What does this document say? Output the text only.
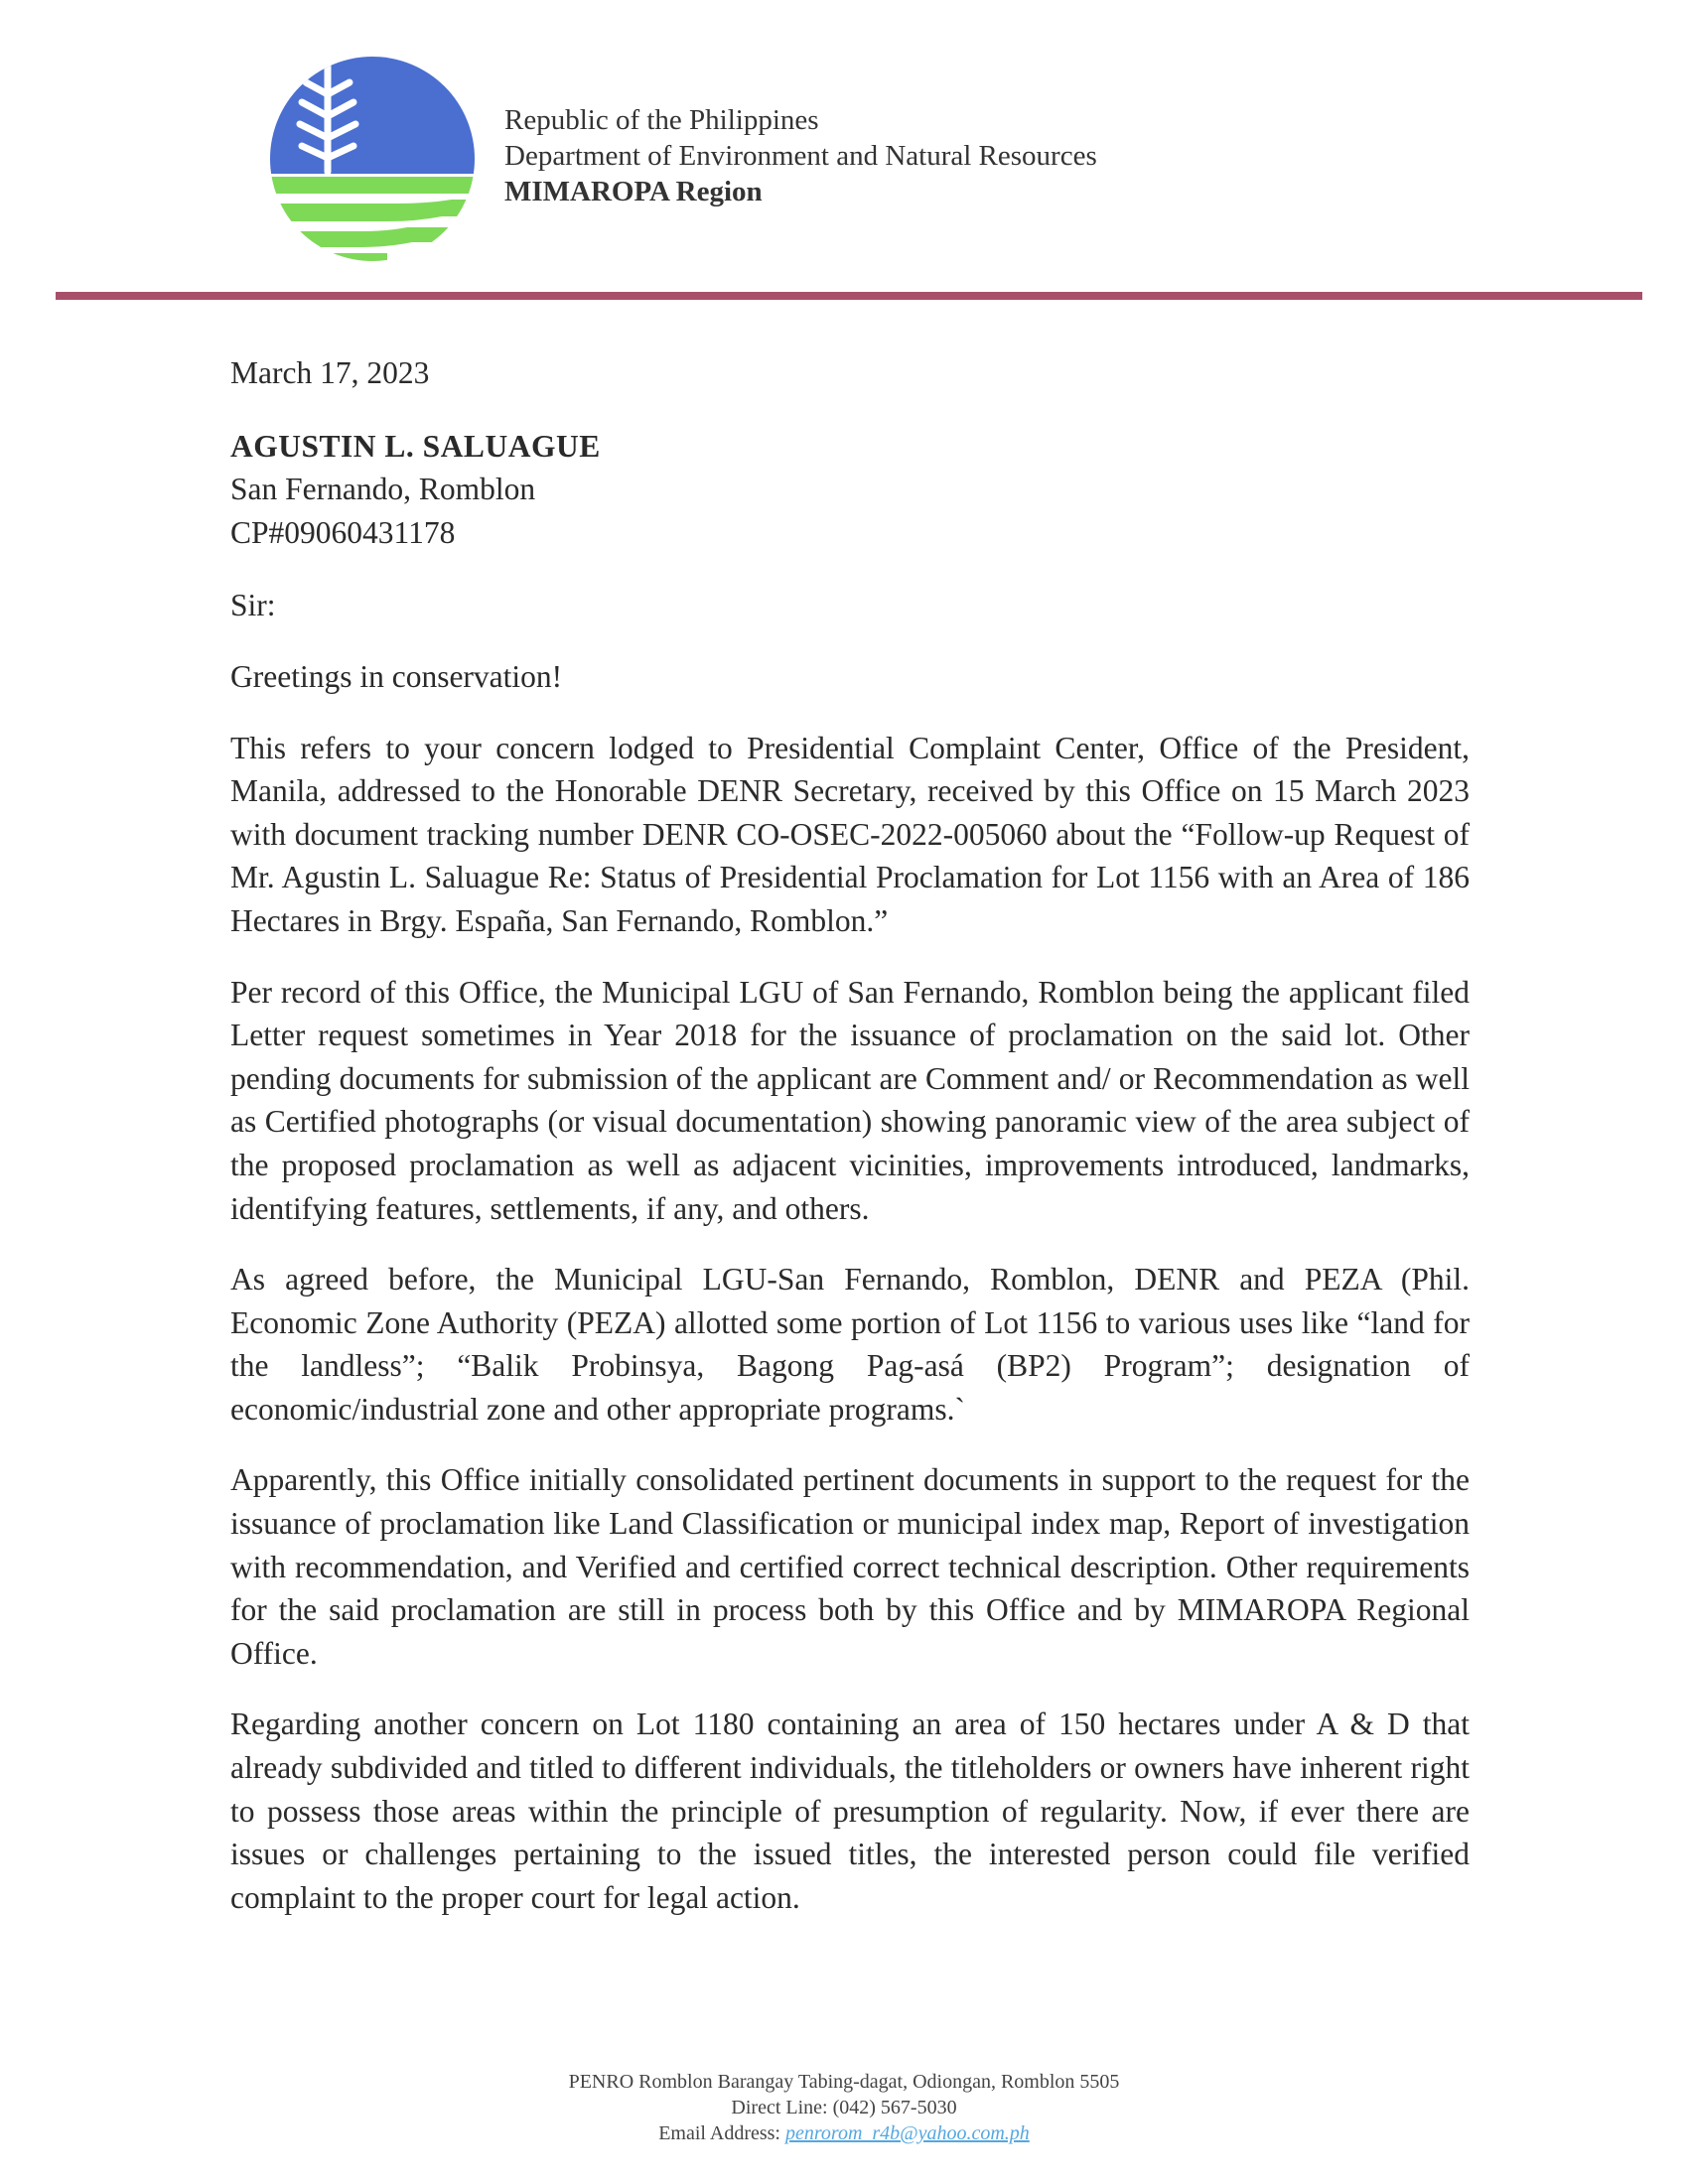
Republic of the Philippines
Department of Environment and Natural Resources
MIMAROPA Region
March 17, 2023
AGUSTIN L. SALUAGUE
San Fernando, Romblon
CP#09060431178
Sir:
Greetings in conservation!

This refers to your concern lodged to Presidential Complaint Center, Office of the President, Manila, addressed to the Honorable DENR Secretary, received by this Office on 15 March 2023 with document tracking number DENR CO-OSEC-2022-005060 about the “Follow-up Request of Mr. Agustin L. Saluague Re: Status of Presidential Proclamation for Lot 1156 with an Area of 186 Hectares in Brgy. España, San Fernando, Romblon.”

Per record of this Office, the Municipal LGU of San Fernando, Romblon being the applicant filed Letter request sometimes in Year 2018 for the issuance of proclamation on the said lot. Other pending documents for submission of the applicant are Comment and/ or Recommendation as well as Certified photographs (or visual documentation) showing panoramic view of the area subject of the proposed proclamation as well as adjacent vicinities, improvements introduced, landmarks, identifying features, settlements, if any, and others.

As agreed before, the Municipal LGU-San Fernando, Romblon, DENR and PEZA (Phil. Economic Zone Authority (PEZA) allotted some portion of Lot 1156 to various uses like “land for the landless”; “Balik Probinsya, Bagong Pag-asá (BP2) Program”; designation of economic/industrial zone and other appropriate programs.`

Apparently, this Office initially consolidated pertinent documents in support to the request for the issuance of proclamation like Land Classification or municipal index map, Report of investigation with recommendation, and Verified and certified correct technical description. Other requirements for the said proclamation are still in process both by this Office and by MIMAROPA Regional Office.

Regarding another concern on Lot 1180 containing an area of 150 hectares under A & D that already subdivided and titled to different individuals, the titleholders or owners have inherent right to possess those areas within the principle of presumption of regularity. Now, if ever there are issues or challenges pertaining to the issued titles, the interested person could file verified complaint to the proper court for legal action.

PENRO Romblon Barangay Tabing-dagat, Odiongan, Romblon 5505
Direct Line: (042) 567-5030
Email Address: penrorom_r4b@yahoo.com.ph
